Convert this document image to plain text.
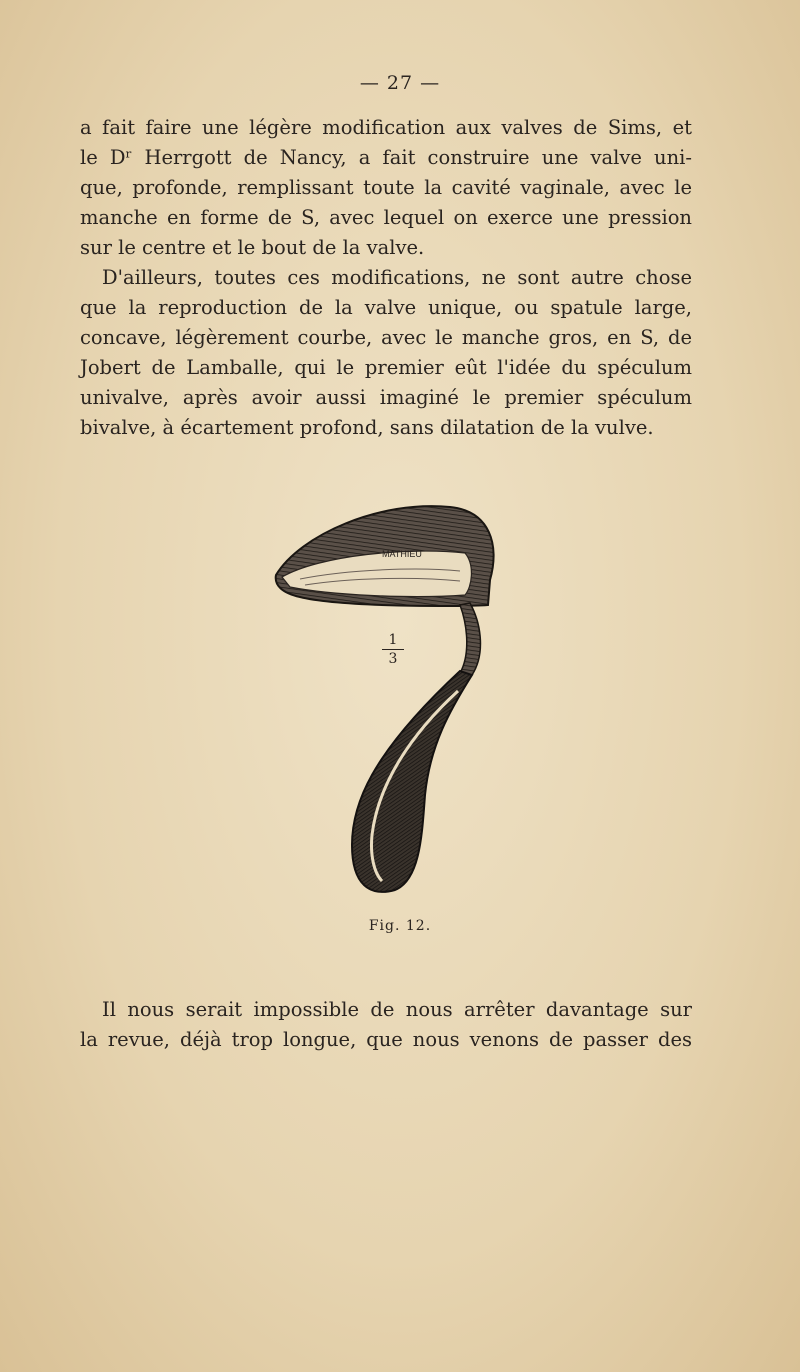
— 27 —

a fait faire une légère modification aux valves de Sims, et
le Dʳ Herrgott de Nancy, a fait construire une valve uni-
que, profonde, remplissant toute la cavité vaginale, avec le
manche en forme de S, avec lequel on exerce une pression
sur le centre et le bout de la valve.

D'ailleurs, toutes ces modifications, ne sont autre chose
que la reproduction de la valve unique, ou spatule large,
concave, légèrement courbe, avec le manche gros, en S, de
Jobert de Lamballe, qui le premier eût l'idée du spéculum
univalve, après avoir aussi imaginé le premier spéculum
bivalve, à écartement profond, sans dilatation de la vulve.

MATHIEU
1
3
Fig. 12.

Il nous serait impossible de nous arrêter davantage sur
la revue, déjà trop longue, que nous venons de passer des
